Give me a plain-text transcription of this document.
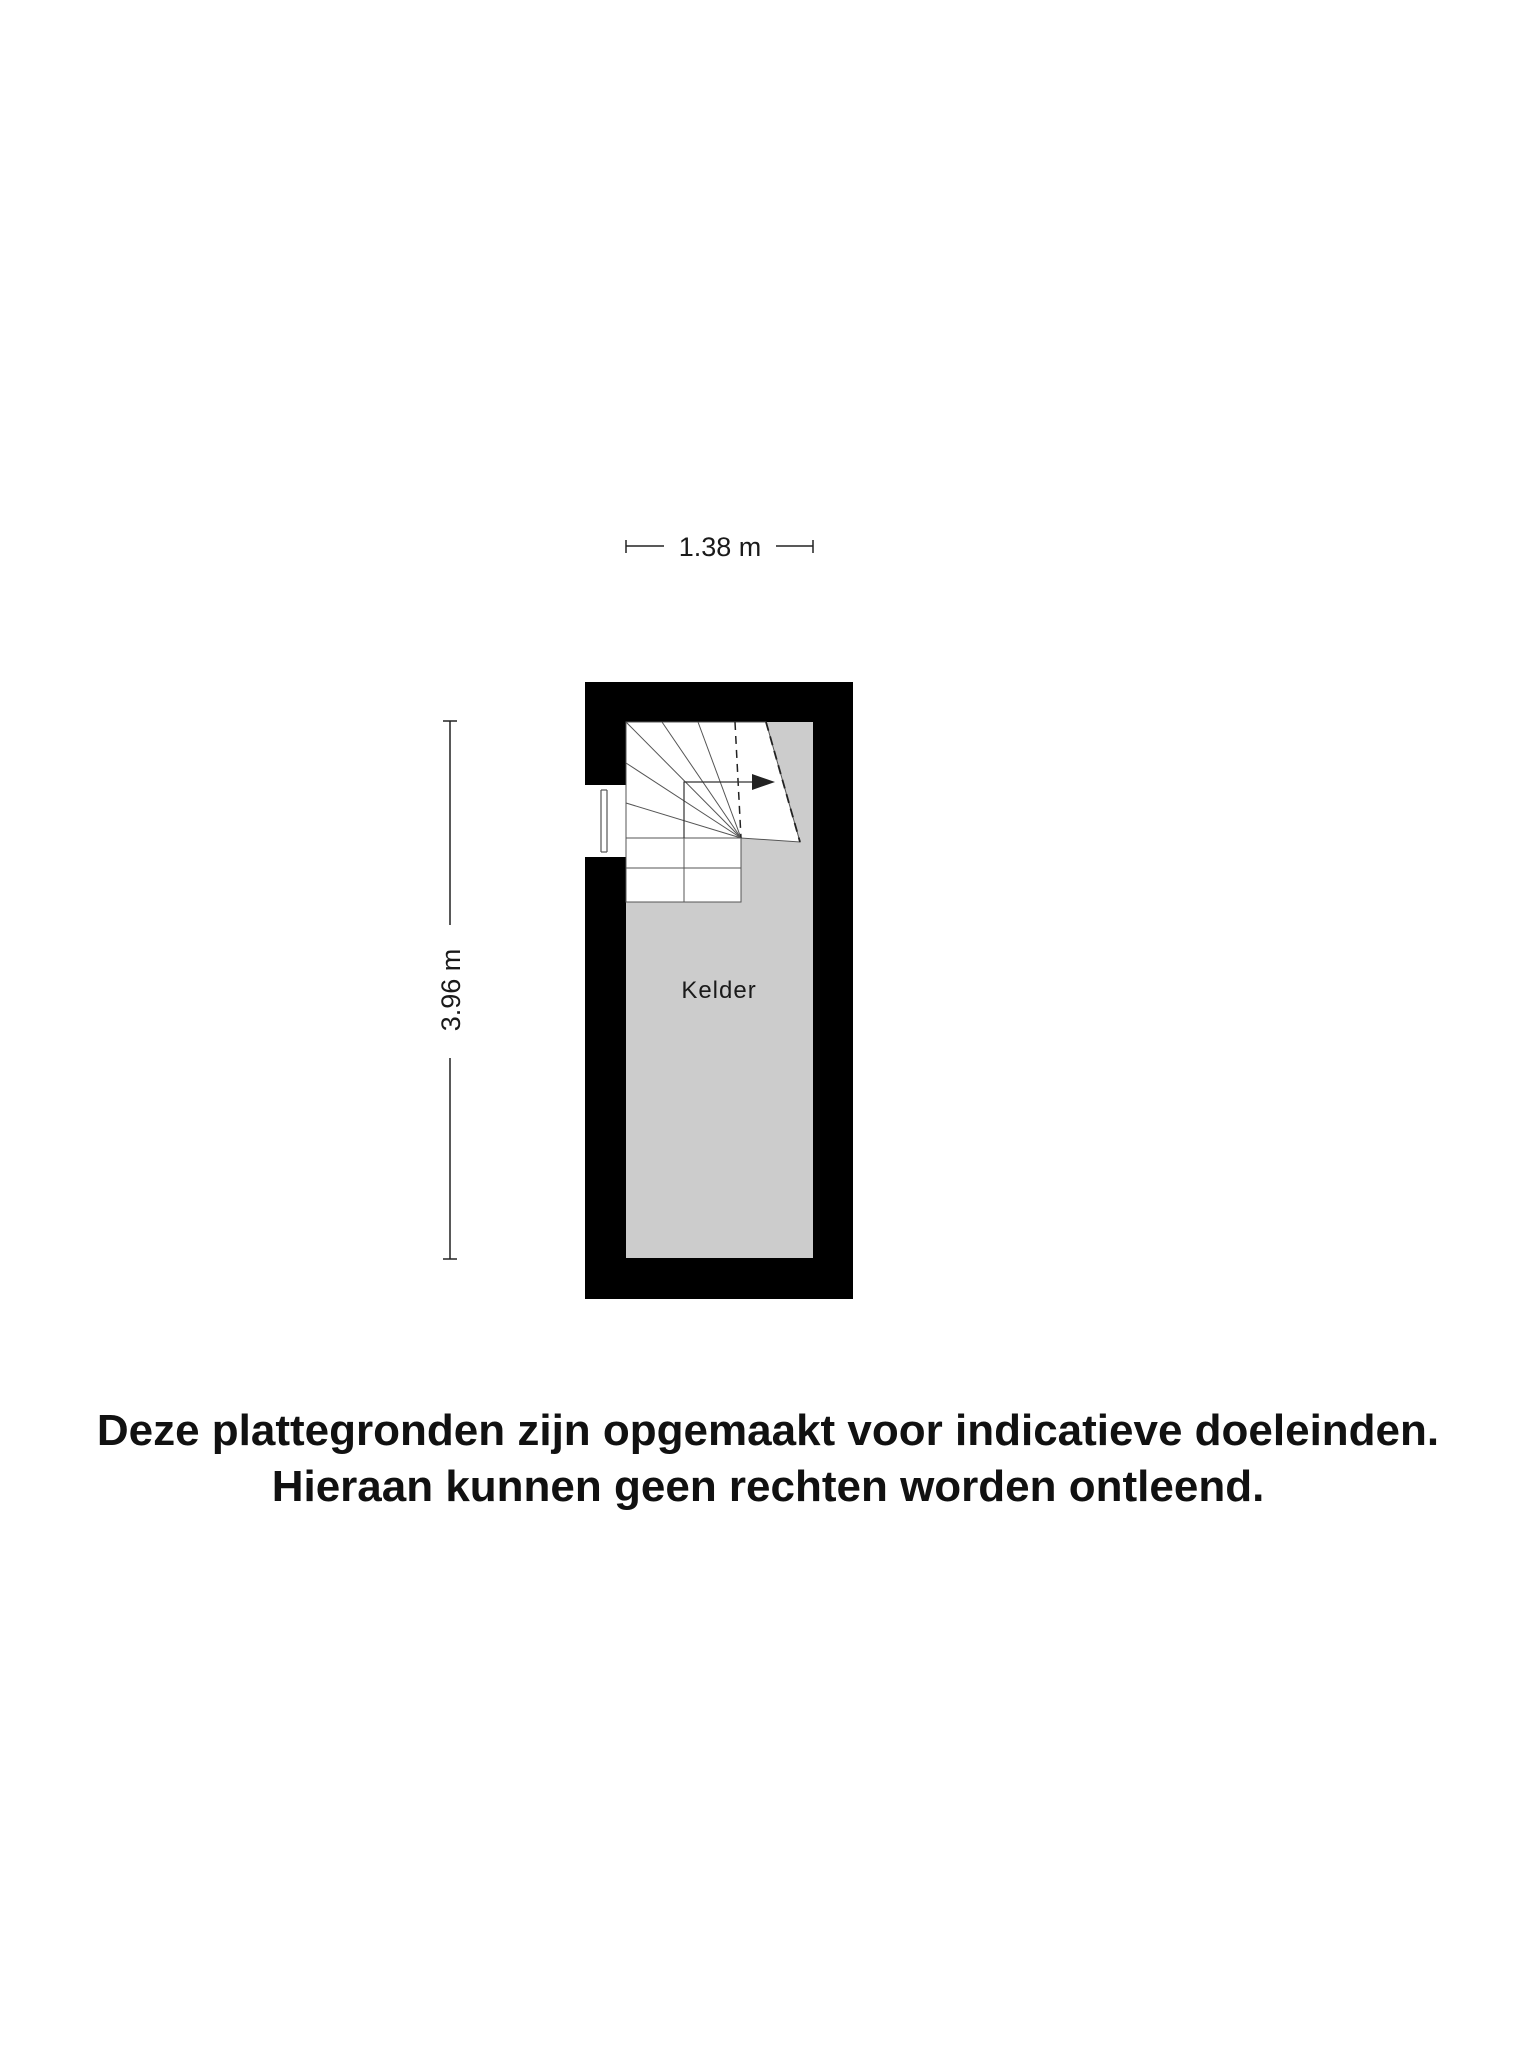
1.38 m
3.96 m	Kelder
Deze plattegronden zijn opgemaakt voor indicatieve doeleinden.
Hieraan kunnen geen rechten worden ontleend.
